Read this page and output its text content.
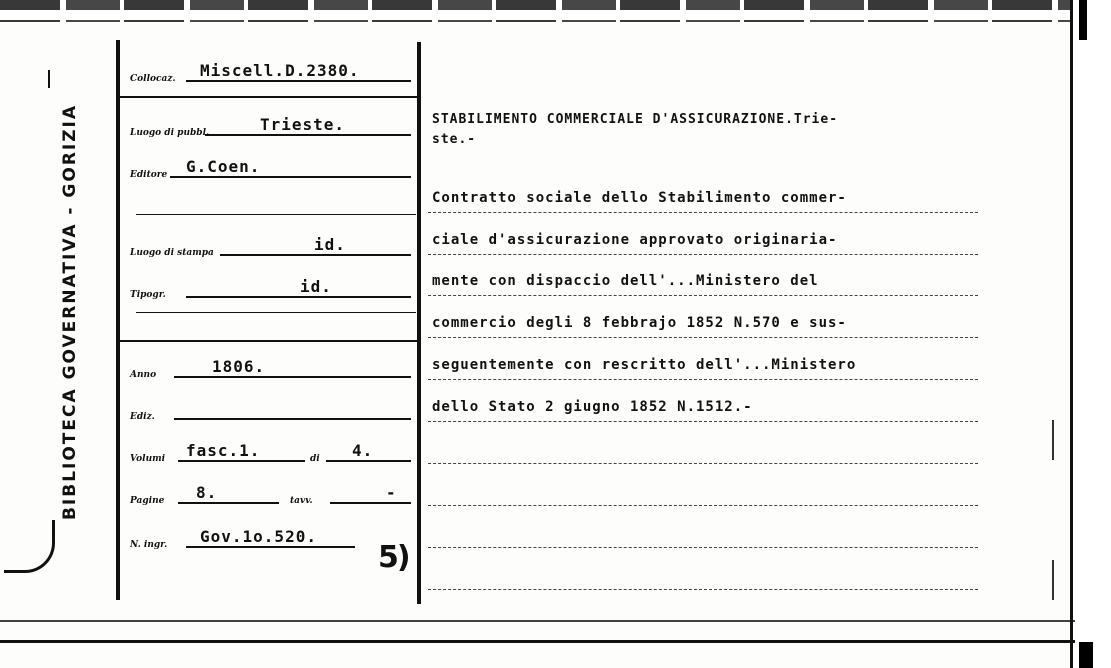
BIBLIOTECA GOVERNATIVA - GORIZIA
Collocaz. Miscell.D.2380.
Luogo di pubbl.	Trieste.
Editore G.Coen.
Luogo di stampa	id.
Tipogr.	id.
Anno	1806.
Ediz.
Volumi fasc.1.	di 4.
Pagine 8.	tavv.	-
N. ingr. Gov.1o.520.
5)
STABILIMENTO COMMERCIALE D'ASSICURAZIONE.Trie-
ste.-
Contratto sociale dello Stabilimento commer-
ciale d'assicurazione approvato originaria-
mente con dispaccio dell'...Ministero del
commercio degli 8 febbrajo 1852 N.570 e sus-
seguentemente con rescritto dell'...Ministero
dello Stato 2 giugno 1852 N.1512.-
